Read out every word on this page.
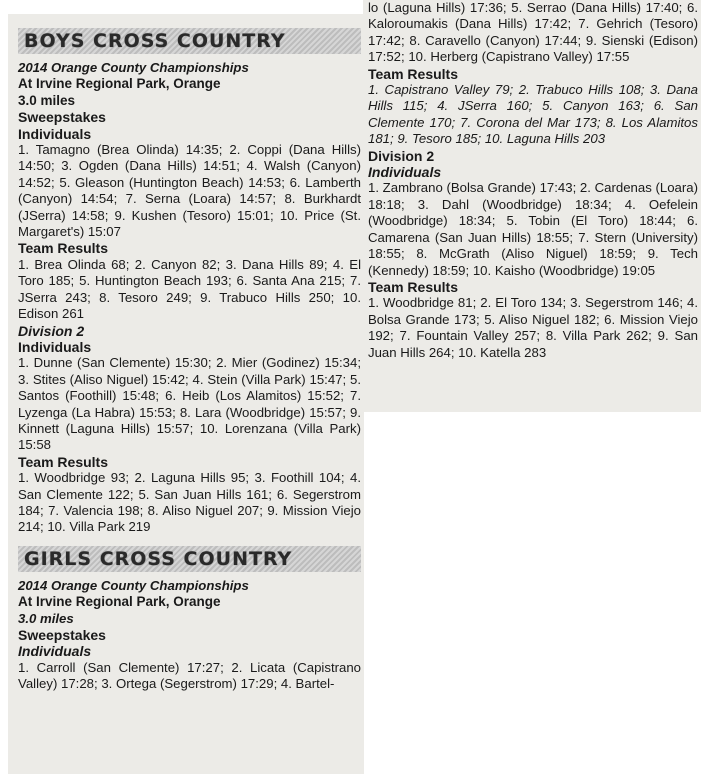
BOYS CROSS COUNTRY

2014 Orange County Championships

At Irvine Regional Park, Orange

3.0 miles

Sweepstakes

Individuals

1. Tamagno (Brea Olinda) 14:35; 2. Coppi (Dana Hills) 14:50; 3. Ogden (Dana Hills) 14:51; 4. Walsh (Canyon) 14:52; 5. Gleason (Huntington Beach) 14:53; 6. Lamberth (Canyon) 14:54; 7. Serna (Loara) 14:57; 8. Burkhardt (JSerra) 14:58; 9. Kushen (Tesoro) 15:01; 10. Price (St. Margaret's) 15:07

Team Results

1. Brea Olinda 68; 2. Canyon 82; 3. Dana Hills 89; 4. El Toro 185; 5. Huntington Beach 193; 6. Santa Ana 215; 7. JSerra 243; 8. Tesoro 249; 9. Trabuco Hills 250; 10. Edison 261

Division 2

Individuals

1. Dunne (San Clemente) 15:30; 2. Mier (Godinez) 15:34; 3. Stites (Aliso Niguel) 15:42; 4. Stein (Villa Park) 15:47; 5. Santos (Foothill) 15:48; 6. Heib (Los Alamitos) 15:52; 7. Lyzenga (La Habra) 15:53; 8. Lara (Woodbridge) 15:57; 9. Kinnett (Laguna Hills) 15:57; 10. Lorenzana (Villa Park) 15:58

Team Results

1. Woodbridge 93; 2. Laguna Hills 95; 3. Foothill 104; 4. San Clemente 122; 5. San Juan Hills 161; 6. Segerstrom 184; 7. Valencia 198; 8. Aliso Niguel 207; 9. Mission Viejo 214; 10. Villa Park 219

GIRLS CROSS COUNTRY

2014 Orange County Championships

At Irvine Regional Park, Orange

3.0 miles

Sweepstakes

Individuals

1. Carroll (San Clemente) 17:27; 2. Licata (Capistrano Valley) 17:28; 3. Ortega (Segerstrom) 17:29; 4. Bartel-

lo (Laguna Hills) 17:36; 5. Serrao (Dana Hills) 17:40; 6. Kaloroumakis (Dana Hills) 17:42; 7. Gehrich (Tesoro) 17:42; 8. Caravello (Canyon) 17:44; 9. Sienski (Edison) 17:52; 10. Herberg (Capistrano Valley) 17:55

Team Results

1. Capistrano Valley 79; 2. Trabuco Hills 108; 3. Dana Hills 115; 4. JSerra 160; 5. Canyon 163; 6. San Clemente 170; 7. Corona del Mar 173; 8. Los Alamitos 181; 9. Tesoro 185; 10. Laguna Hills 203

Division 2

Individuals

1. Zambrano (Bolsa Grande) 17:43; 2. Cardenas (Loara) 18:18; 3. Dahl (Woodbridge) 18:34; 4. Oefelein (Woodbridge) 18:34; 5. Tobin (El Toro) 18:44; 6. Camarena (San Juan Hills) 18:55; 7. Stern (University) 18:55; 8. McGrath (Aliso Niguel) 18:59; 9. Tech (Kennedy) 18:59; 10. Kaisho (Woodbridge) 19:05

Team Results

1. Woodbridge 81; 2. El Toro 134; 3. Segerstrom 146; 4. Bolsa Grande 173; 5. Aliso Niguel 182; 6. Mission Viejo 192; 7. Fountain Valley 257; 8. Villa Park 262; 9. San Juan Hills 264; 10. Katella 283
